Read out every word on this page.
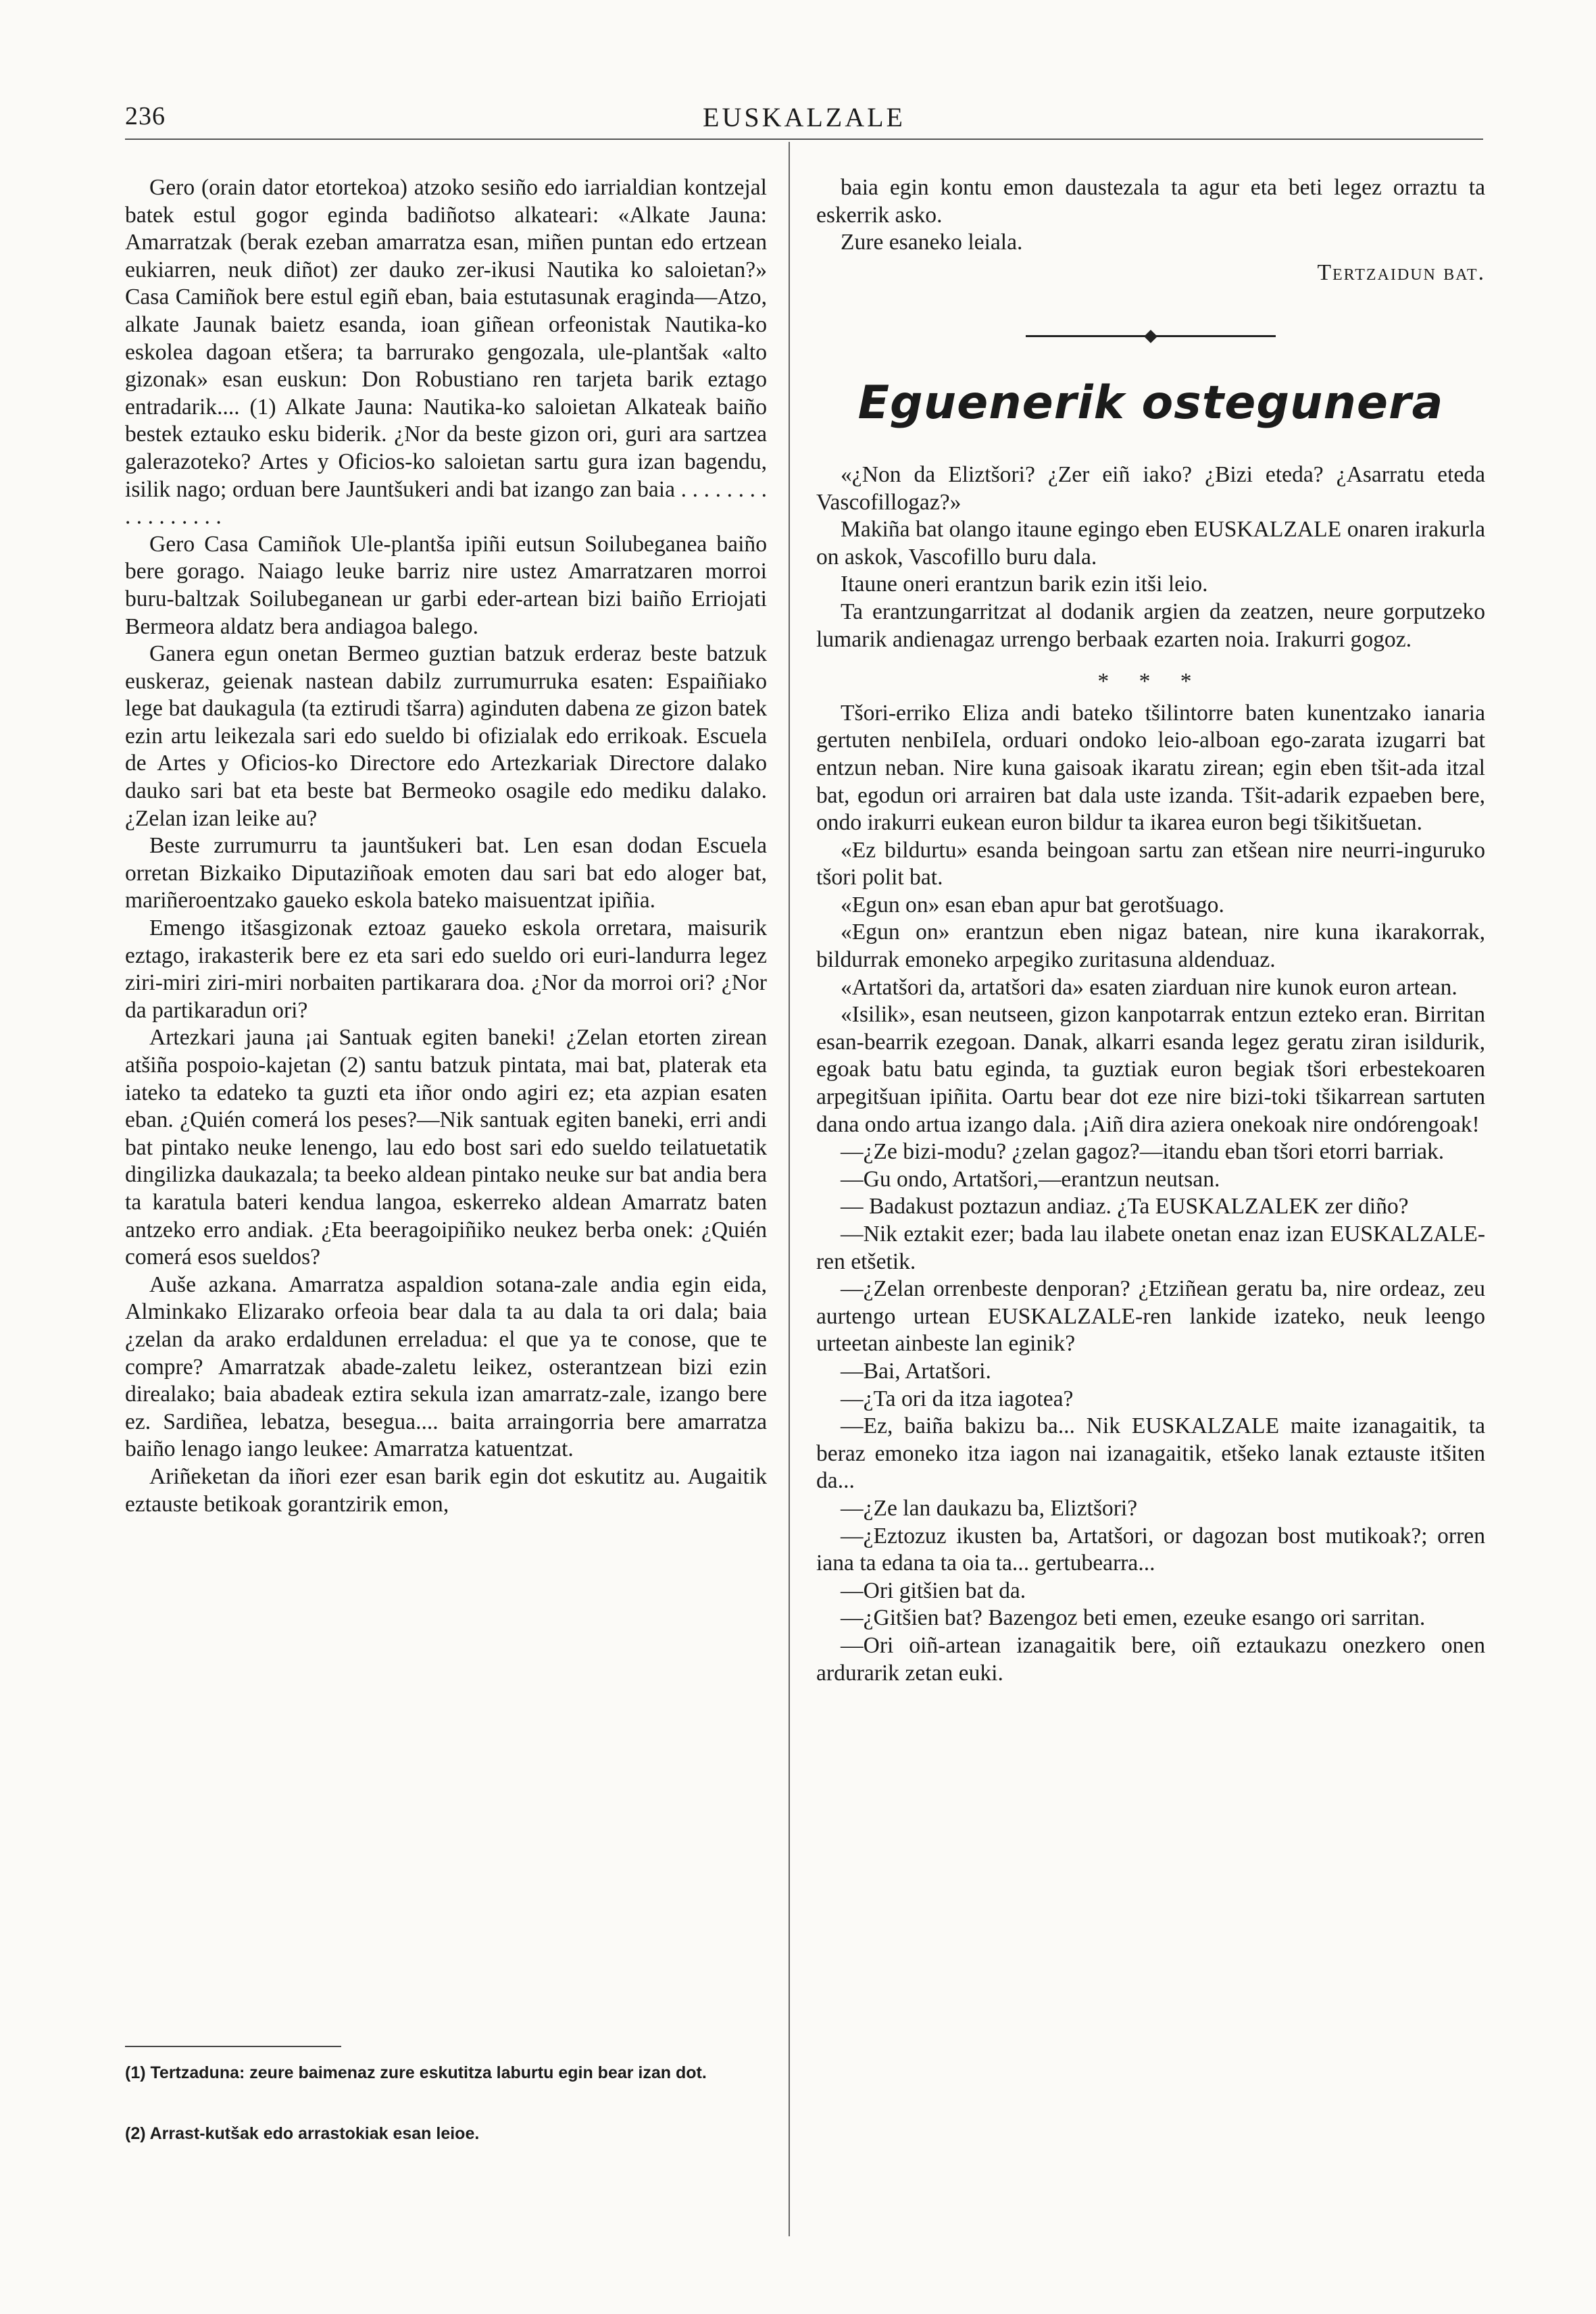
236	EUSKALZALE

Gero (orain dator etortekoa) atzoko sesiño edo iarrialdian kontzejal batek estul gogor eginda badiñotso alkateari: «Alkate Jauna: Amarratzak (berak ezeban amarratza esan, miñen puntan edo ertzean eukiarren, neuk diñot) zer dauko zer-ikusi Nautika ko saloietan?» Casa Camiñok bere estul egiñ eban, baia estutasunak eraginda—Atzo, alkate Jaunak baietz esanda, ioan giñean orfeonistak Nautika-ko eskolea dagoan etšera; ta barrurako gengozala, ule-plantšak «alto gizonak» esan euskun: Don Robustiano ren tarjeta barik eztago entradarik.... (1) Alkate Jauna: Nautika-ko saloietan Alkateak baiño bestek eztauko esku biderik. ¿Nor da beste gizon ori, guri ara sartzea galerazoteko? Artes y Oficios-ko saloietan sartu gura izan bagendu, isilik nago; orduan bere Jauntšukeri andi bat izango zan baia . . . . . . . . . . . . . . . . .

Gero Casa Camiñok Ule-plantša ipiñi eutsun Soilubeganea baiño bere gorago. Naiago leuke barriz nire ustez Amarratzaren morroi buru-baltzak Soilubeganean ur garbi eder-artean bizi baiño Erriojati Bermeora aldatz bera andiagoa balego.

Ganera egun onetan Bermeo guztian batzuk erderaz beste batzuk euskeraz, geienak nastean dabilz zurrumurruka esaten: Espaiñiako lege bat daukagula (ta eztirudi tšarra) aginduten dabena ze gizon batek ezin artu leikezala sari edo sueldo bi ofizialak edo errikoak. Escuela de Artes y Oficios-ko Directore edo Artezkariak Directore dalako dauko sari bat eta beste bat Bermeoko osagile edo mediku dalako. ¿Zelan izan leike au?

Beste zurrumurru ta jauntšukeri bat. Len esan dodan Escuela orretan Bizkaiko Diputaziñoak emoten dau sari bat edo aloger bat, mariñeroentzako gaueko eskola bateko maisuentzat ipiñia.

Emengo itšasgizonak eztoaz gaueko eskola orretara, maisurik eztago, irakasterik bere ez eta sari edo sueldo ori euri-landurra legez ziri-miri ziri-miri norbaiten partikarara doa. ¿Nor da morroi ori? ¿Nor da partikaradun ori?

Artezkari jauna ¡ai Santuak egiten baneki! ¿Zelan etorten zirean atšiña pospoio-kajetan (2) santu batzuk pintata, mai bat, platerak eta iateko ta edateko ta guzti eta iñor ondo agiri ez; eta azpian esaten eban. ¿Quién comerá los peses?—Nik santuak egiten baneki, erri andi bat pintako neuke lenengo, lau edo bost sari edo sueldo teilatuetatik dingilizka daukazala; ta beeko aldean pintako neuke sur bat andia bera ta karatula bateri kendua langoa, eskerreko aldean Amarratz baten antzeko erro andiak. ¿Eta beeragoipiñiko neukez berba onek: ¿Quién comerá esos sueldos?

Auše azkana. Amarratza aspaldion sotana-zale andia egin eida, Alminkako Elizarako orfeoia bear dala ta au dala ta ori dala; baia ¿zelan da arako erdaldunen erreladua: el que ya te conose, que te compre? Amarratzak abade-zaletu leikez, osterantzean bizi ezin direalako; baia abadeak eztira sekula izan amarratz-zale, izango bere ez. Sardiñea, lebatza, besegua.... baita arraingorria bere amarratza baiño lenago iango leukee: Amarratza katuentzat.

Ariñeketan da iñori ezer esan barik egin dot eskutitz au. Augaitik eztauste betikoak gorantzirik emon,

baia egin kontu emon daustezala ta agur eta beti legez orraztu ta eskerrik asko.

Zure esaneko leiala.

Tertzaidun bat.

Eguenerik ostegunera

«¿Non da Eliztšori? ¿Zer eiñ iako? ¿Bizi eteda? ¿Asarratu eteda Vascofillogaz?»

Makiña bat olango itaune egingo eben EUSKALZALE onaren irakurla on askok, Vascofillo buru dala.

Itaune oneri erantzun barik ezin itši leio.

Ta erantzungarritzat al dodanik argien da zeatzen, neure gorputzeko lumarik andienagaz urrengo berbaak ezarten noia. Irakurri gogoz.

* * *

Tšori-erriko Eliza andi bateko tšilintorre baten kunentzako ianaria gertuten nenbiIela, orduari ondoko leio-alboan ego-zarata izugarri bat entzun neban. Nire kuna gaisoak ikaratu zirean; egin eben tšit-ada itzal bat, egodun ori arrairen bat dala uste izanda. Tšit-adarik ezpaeben bere, ondo irakurri eukean euron bildur ta ikarea euron begi tšikitšuetan.

«Ez bildurtu» esanda beingoan sartu zan etšean nire neurri-inguruko tšori polit bat.

«Egun on» esan eban apur bat gerotšuago.

«Egun on» erantzun eben nigaz batean, nire kuna ikarakorrak, bildurrak emoneko arpegiko zuritasuna aldenduaz.

«Artatšori da, artatšori da» esaten ziarduan nire kunok euron artean.

«Isilik», esan neutseen, gizon kanpotarrak entzun ezteko eran. Birritan esan-bearrik ezegoan. Danak, alkarri esanda legez geratu ziran isildurik, egoak batu batu eginda, ta guztiak euron begiak tšori erbestekoaren arpegitšuan ipiñita. Oartu bear dot eze nire bizi-toki tšikarrean sartuten dana ondo artua izango dala. ¡Aiñ dira aziera onekoak nire ondórengoak!

—¿Ze bizi-modu? ¿zelan gagoz?—itandu eban tšori etorri barriak.

—Gu ondo, Artatšori,—erantzun neutsan.

— Badakust poztazun andiaz. ¿Ta EUSKALZALEK zer diño?

—Nik eztakit ezer; bada lau ilabete onetan enaz izan EUSKALZALE-ren etšetik.

—¿Zelan orrenbeste denporan? ¿Etziñean geratu ba, nire ordeaz, zeu aurtengo urtean EUSKALZALE-ren lankide izateko, neuk leengo urteetan ainbeste lan eginik?

—Bai, Artatšori.

—¿Ta ori da itza iagotea?

—Ez, baiña bakizu ba... Nik EUSKALZALE maite izanagaitik, ta beraz emoneko itza iagon nai izanagaitik, etšeko lanak eztauste itšiten da...

—¿Ze lan daukazu ba, Eliztšori?

—¿Eztozuz ikusten ba, Artatšori, or dagozan bost mutikoak?; orren iana ta edana ta oia ta... gertubearra...

—Ori gitšien bat da.

—¿Gitšien bat? Bazengoz beti emen, ezeuke esango ori sarritan.

—Ori oiñ-artean izanagaitik bere, oiñ eztaukazu onezkero onen ardurarik zetan euki.

(1) Tertzaduna: zeure baimenaz zure eskutitza laburtu egin bear izan dot.
(2) Arrast-kutšak edo arrastokiak esan leioe.
